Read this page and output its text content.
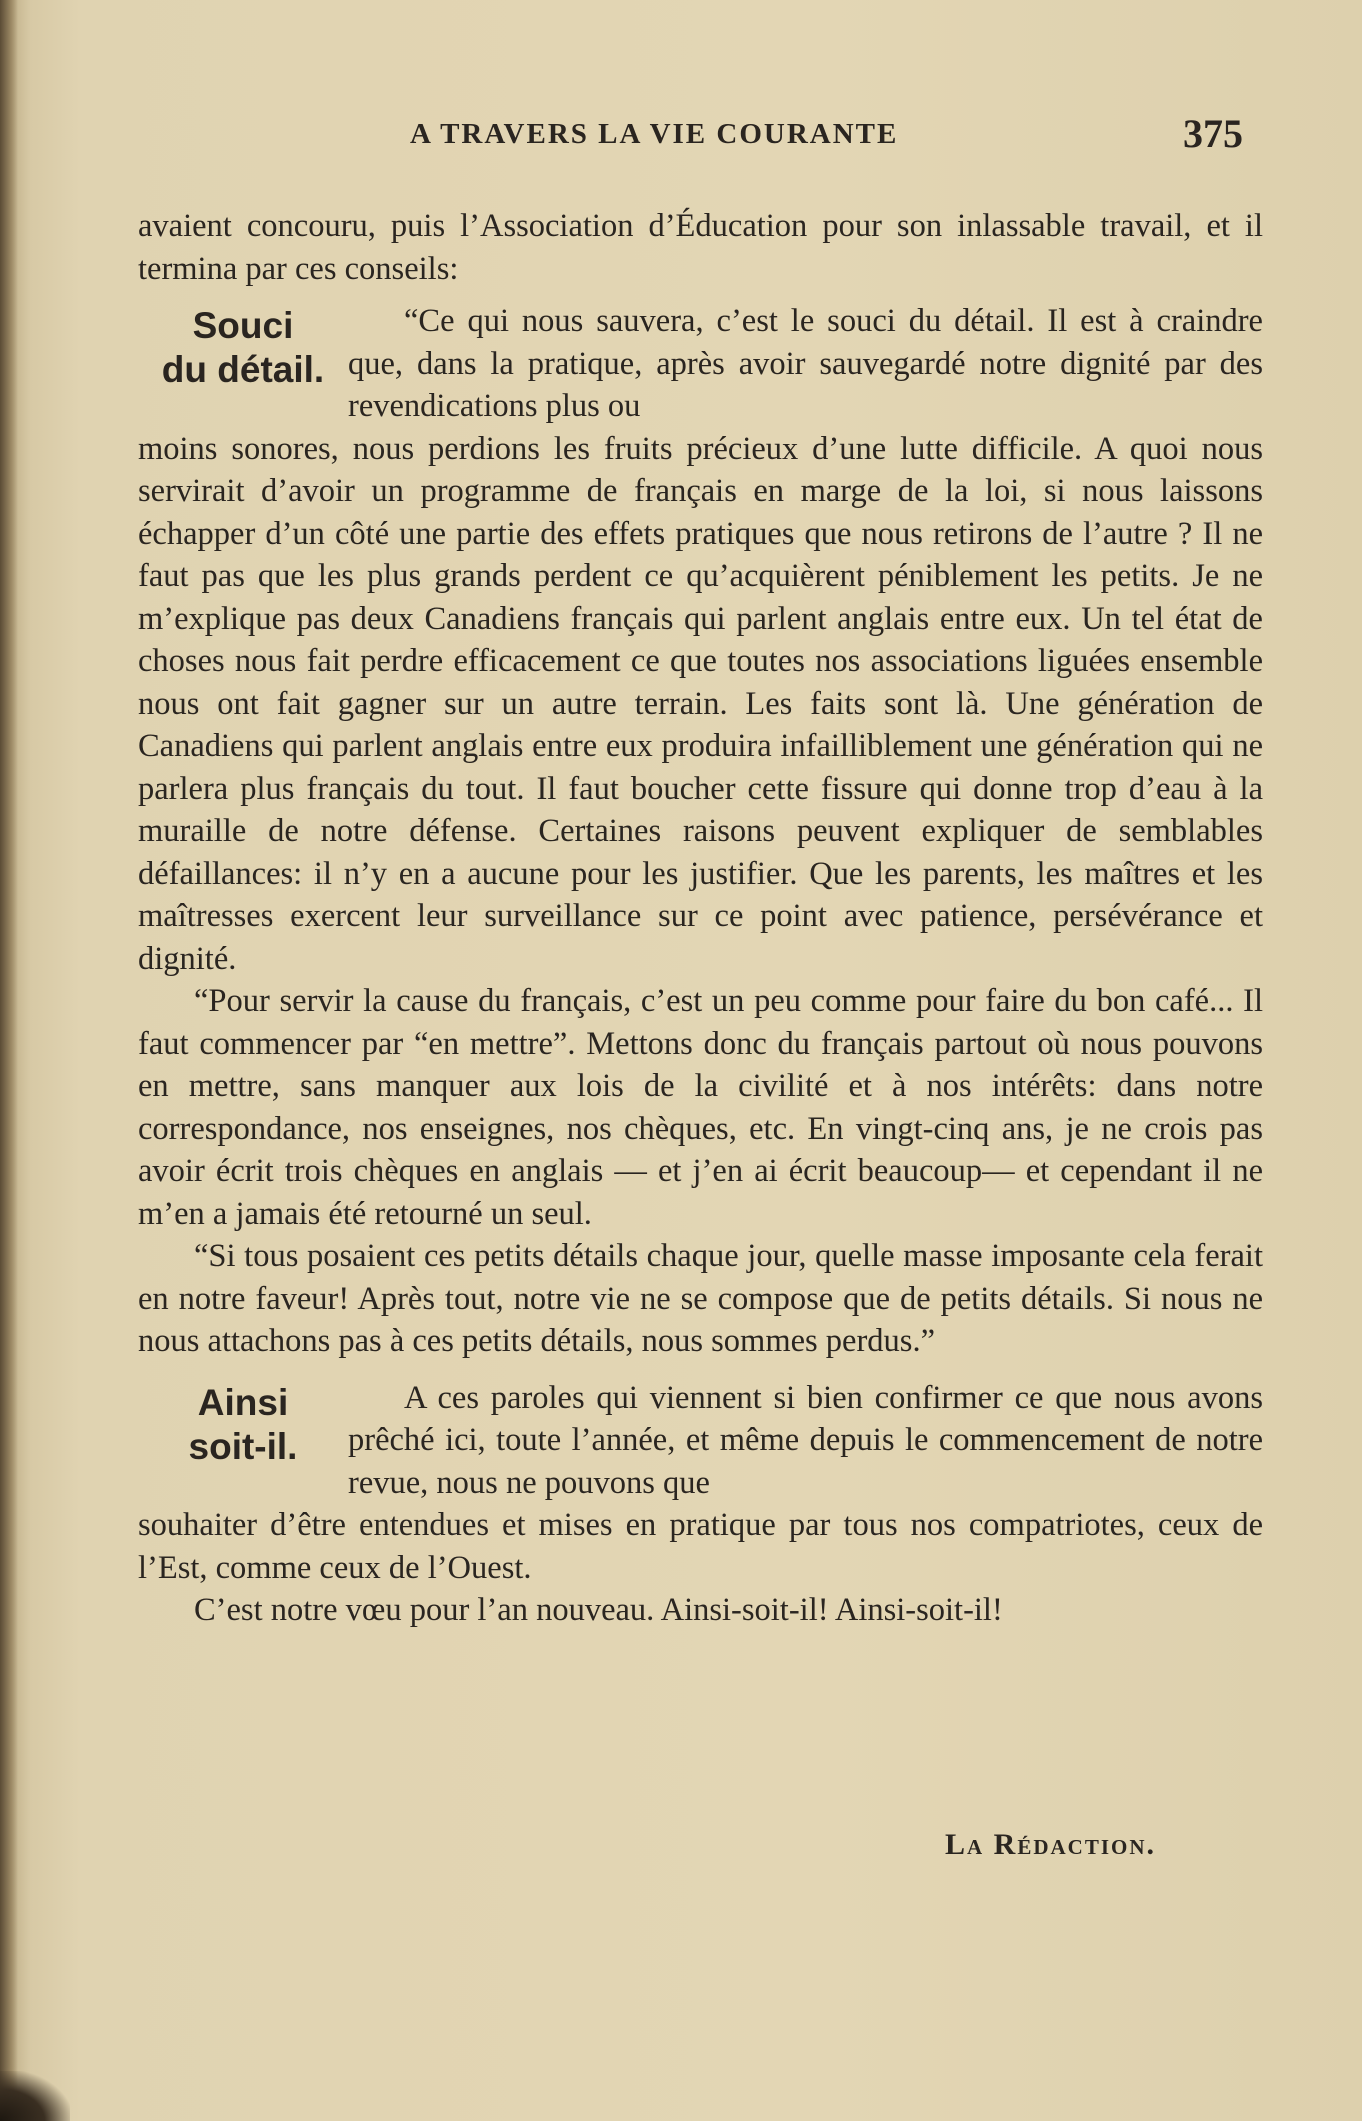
A TRAVERS LA VIE COURANTE	375

avaient concouru, puis l’Association d’Éducation pour son inlassable travail, et il termina par ces conseils:

Souci
du détail.

“Ce qui nous sauvera, c’est le souci du détail. Il est à craindre que, dans la pratique, après avoir sauvegardé notre dignité par des revendications plus ou

moins sonores, nous perdions les fruits précieux d’une lutte difficile. A quoi nous servirait d’avoir un programme de français en marge de la loi, si nous laissons échapper d’un côté une partie des effets pratiques que nous retirons de l’autre ? Il ne faut pas que les plus grands perdent ce qu’acquièrent péniblement les petits. Je ne m’explique pas deux Canadiens français qui parlent anglais entre eux. Un tel état de choses nous fait perdre efficacement ce que toutes nos associations liguées ensemble nous ont fait gagner sur un autre terrain. Les faits sont là. Une génération de Canadiens qui parlent anglais entre eux produira infailliblement une génération qui ne parlera plus français du tout. Il faut boucher cette fissure qui donne trop d’eau à la muraille de notre défense. Certaines raisons peuvent expliquer de semblables défaillances: il n’y en a aucune pour les justifier. Que les parents, les maîtres et les maîtresses exercent leur surveillance sur ce point avec patience, persévérance et dignité.

“Pour servir la cause du français, c’est un peu comme pour faire du bon café... Il faut commencer par “en mettre”. Mettons donc du français partout où nous pouvons en mettre, sans manquer aux lois de la civilité et à nos intérêts: dans notre correspondance, nos enseignes, nos chèques, etc. En vingt-cinq ans, je ne crois pas avoir écrit trois chèques en anglais — et j’en ai écrit beaucoup— et cependant il ne m’en a jamais été retourné un seul.

“Si tous posaient ces petits détails chaque jour, quelle masse imposante cela ferait en notre faveur! Après tout, notre vie ne se compose que de petits détails. Si nous ne nous attachons pas à ces petits détails, nous sommes perdus.”

Ainsi
soit-il.

A ces paroles qui viennent si bien confirmer ce que nous avons prêché ici, toute l’année, et même depuis le commencement de notre revue, nous ne pouvons que

souhaiter d’être entendues et mises en pratique par tous nos compatriotes, ceux de l’Est, comme ceux de l’Ouest.

C’est notre vœu pour l’an nouveau. Ainsi-soit-il! Ainsi-soit-il!

La Rédaction.
